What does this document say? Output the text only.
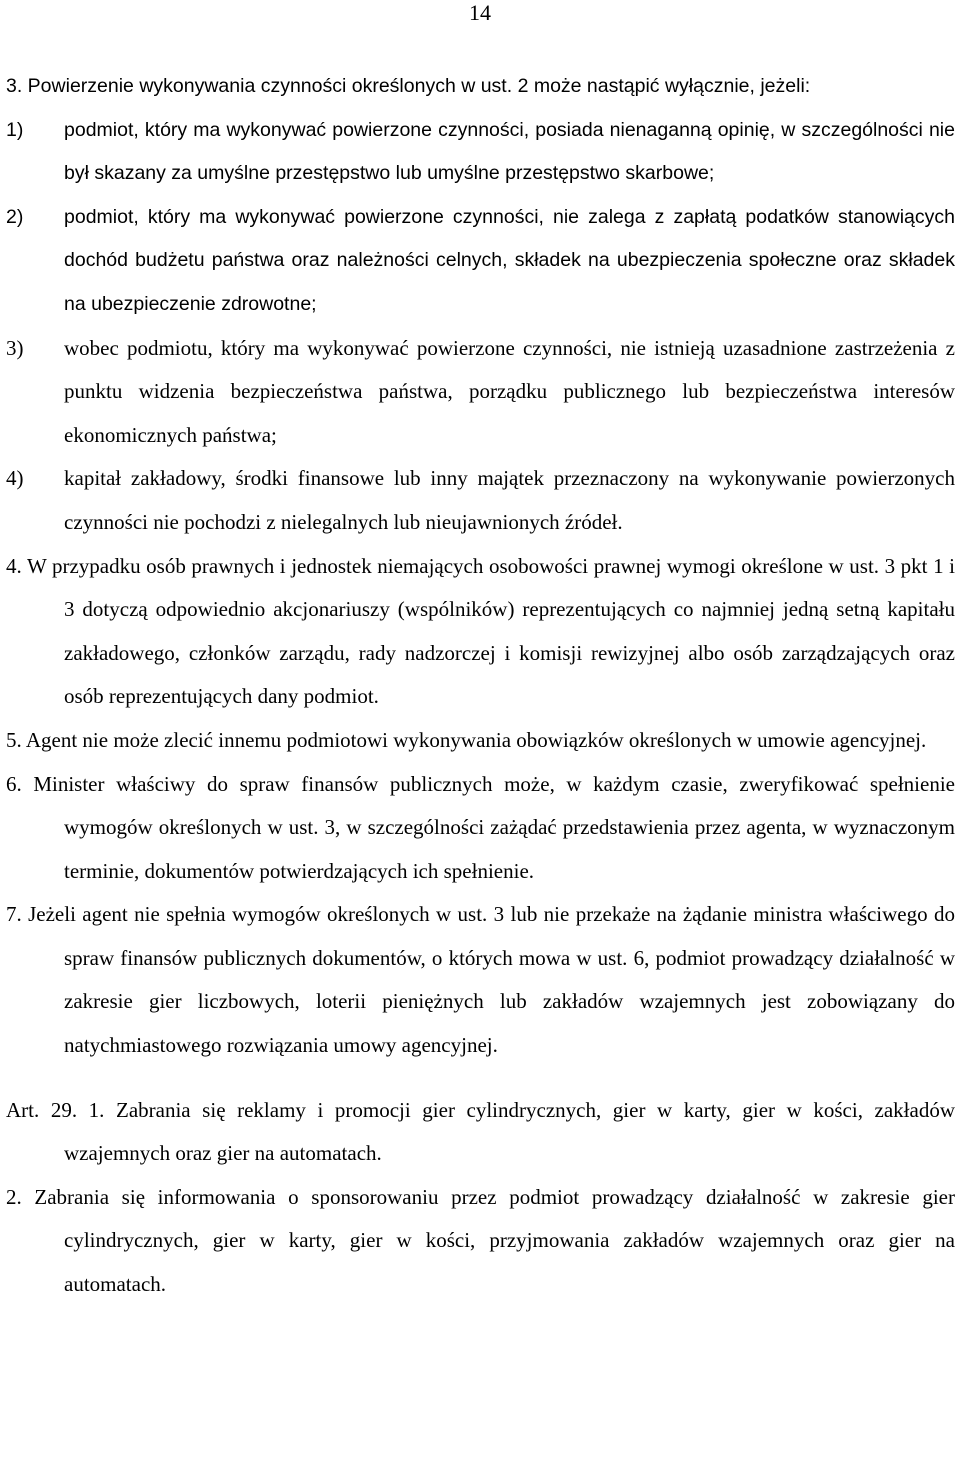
14
3. Powierzenie wykonywania czynności określonych w ust. 2 może nastąpić wyłącznie, jeżeli:
1)	podmiot, który ma wykonywać powierzone czynności, posiada nienaganną opinię, w szczególności nie był skazany za umyślne przestępstwo lub umyślne przestępstwo skarbowe;
2)	podmiot, który ma wykonywać powierzone czynności, nie zalega z zapłatą podatków stanowiących dochód budżetu państwa oraz należności celnych, składek na ubezpieczenia społeczne oraz składek na ubezpieczenie zdrowotne;
3)	wobec podmiotu, który ma wykonywać powierzone czynności, nie istnieją uzasadnione zastrzeżenia z punktu widzenia bezpieczeństwa państwa, porządku publicznego lub bezpieczeństwa interesów ekonomicznych państwa;
4)	kapitał zakładowy, środki finansowe lub inny majątek przeznaczony na wykonywanie powierzonych czynności nie pochodzi z nielegalnych lub nieujawnionych źródeł.
4. W przypadku osób prawnych i jednostek niemających osobowości prawnej wymogi określone w ust. 3 pkt 1 i 3 dotyczą odpowiednio akcjonariuszy (wspólników) reprezentujących co najmniej jedną setną kapitału zakładowego, członków zarządu, rady nadzorczej i komisji rewizyjnej albo osób zarządzających oraz osób reprezentujących dany podmiot.
5. Agent nie może zlecić innemu podmiotowi wykonywania obowiązków określonych w umowie agencyjnej.
6. Minister właściwy do spraw finansów publicznych może, w każdym czasie, zweryfikować spełnienie wymogów określonych w ust. 3, w szczególności zażądać przedstawienia przez agenta, w wyznaczonym terminie, dokumentów potwierdzających ich spełnienie.
7. Jeżeli agent nie spełnia wymogów określonych w ust. 3 lub nie przekaże na żądanie ministra właściwego do spraw finansów publicznych dokumentów, o których mowa w ust. 6, podmiot prowadzący działalność w zakresie gier liczbowych, loterii pieniężnych lub zakładów wzajemnych jest zobowiązany do natychmiastowego rozwiązania umowy agencyjnej.
Art. 29. 1. Zabrania się reklamy i promocji gier cylindrycznych, gier w karty, gier w kości, zakładów wzajemnych oraz gier na automatach.
2. Zabrania się informowania o sponsorowaniu przez podmiot prowadzący działalność w zakresie gier cylindrycznych, gier w karty, gier w kości, przyjmowania zakładów wzajemnych oraz gier na automatach.
